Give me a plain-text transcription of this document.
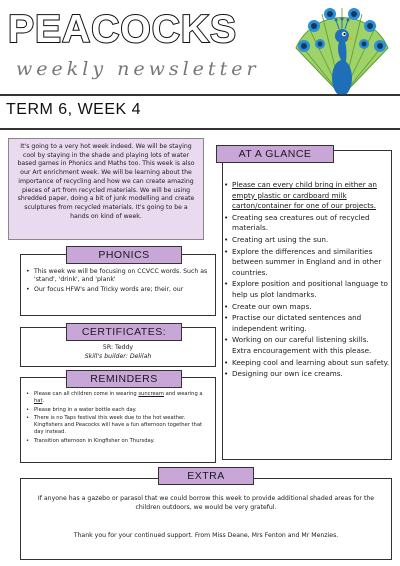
PEACOCKS
weekly newsletter
TERM 6, WEEK 4
It's going to a very hot week indeed. We will be staying cool by staying in the shade and playing lots of water based games in Phonics and Maths too. This week is also our Art enrichment week. We will be learning about the importance of recycling and how we can create amazing pieces of art from recycled materials. We will be using shredded paper, doing a bit of junk modelling and create sculptures from recycled materials. It's going to be a hands on kind of week.
PHONICS
• This week we will be focusing on CCVCC words. Such as 'stand', 'drink', and 'plank'
• Our focus HFW's and Tricky words are; their, our
CERTIFICATES:
5R: Teddy
Skill's builder: Delilah
REMINDERS
• Please can all children come in wearing suncream and wearing a hat.
• Please bring in a water bottle each day.
• There is no Taps festival this week due to the hot weather. Kingfishers and Peacocks will have a fun afternoon together that day instead.
• Transition afternoon in Kingfisher on Thursday.
AT A GLANCE
• Please can every child bring in either an empty plastic or cardboard milk carton/container for one of our projects.
• Creating sea creatures out of recycled materials.
• Creating art using the sun.
• Explore the differences and similarities between summer in England and in other countries.
• Explore position and positional language to help us plot landmarks.
• Create our own maps.
• Practise our dictated sentences and independent writing.
• Working on our careful listening skills. Extra encouragement with this please.
• Keeping cool and learning about sun safety.
• Designing our own ice creams.
EXTRA
If anyone has a gazebo or parasol that we could borrow this week to provide additional shaded areas for the children outdoors, we would be very grateful.
Thank you for your continued support. From Miss Deane, Mrs Fenton and Mr Menzies.
